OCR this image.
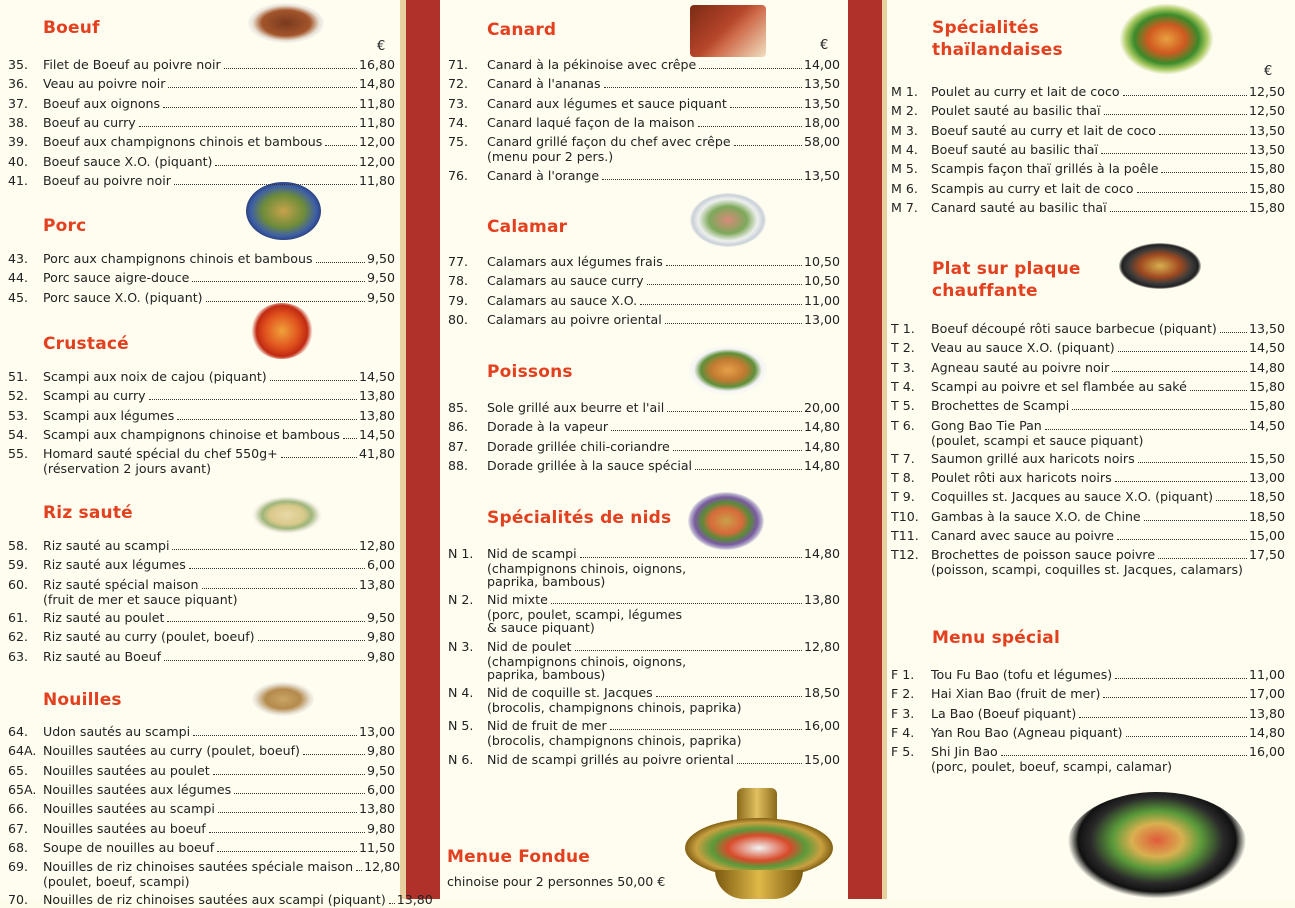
Boeuf
€
Porc
Crustacé
Riz sauté
Nouilles
35.	Filet de Boeuf au poivre noir	16,80
36.	Veau au poivre noir	14,80
37.	Boeuf aux oignons	11,80
38.	Boeuf au curry	11,80
39.	Boeuf aux champignons chinois et bambous	12,00
40.	Boeuf sauce X.O. (piquant)	12,00
41.	Boeuf au poivre noir	11,80
43.	Porc aux champignons chinois et bambous	9,50
44.	Porc sauce aigre-douce	9,50
45.	Porc sauce X.O. (piquant)	9,50
51.	Scampi aux noix de cajou (piquant)	14,50
52.	Scampi au curry	13,80
53.	Scampi aux légumes	13,80
54.	Scampi aux champignons chinoise et bambous 14,50
55.	Homard sauté spécial du chef 550g+	41,80
(réservation 2 jours avant)
58.	Riz sauté au scampi	12,80
59.	Riz sauté aux légumes	6,00
60.	Riz sauté spécial maison	13,80
(fruit de mer et sauce piquant)
61.	Riz sauté au poulet	9,50
62.	Riz sauté au curry (poulet, boeuf)	9,80
63.	Riz sauté au Boeuf	9,80
64.	Udon sautés au scampi	13,00
64A. Nouilles sautées au curry (poulet, boeuf)	9,80
65.	Nouilles sautées au poulet	9,50
65A. Nouilles sautées aux légumes	6,00
66.	Nouilles sautées au scampi	13,80
67.	Nouilles sautées au boeuf	9,80
68.	Soupe de nouilles au boeuf	11,50
69.	Nouilles de riz chinoises sautées spéciale maison 12,80
(poulet, boeuf, scampi)
70.	Nouilles de riz chinoises sautées aux scampi (piquant) 13,80
Canard
€
Calamar
Poissons
Spécialités de nids
Menue Fondue
chinoise pour 2 personnes 50,00 €
71.	Canard à la pékinoise avec crêpe	14,00
72.	Canard à l'ananas	13,50
73.	Canard aux légumes et sauce piquant	13,50
74.	Canard laqué façon de la maison	18,00
75.	Canard grillé façon du chef avec crêpe	58,00
(menu pour 2 pers.)
76.	Canard à l'orange	13,50
77.	Calamars aux légumes frais	10,50
78.	Calamars au sauce curry	10,50
79.	Calamars au sauce X.O.	11,00
80.	Calamars au poivre oriental	13,00
85.	Sole grillé aux beurre et l'ail	20,00
86.	Dorade à la vapeur	14,80
87.	Dorade grillée chili-coriandre	14,80
88.	Dorade grillée à la sauce spécial	14,80
N 1.	Nid de scampi	14,80
(champignons chinois, oignons,
paprika, bambous)
N 2.	Nid mixte	13,80
(porc, poulet, scampi, légumes
& sauce piquant)
N 3.	Nid de poulet	12,80
(champignons chinois, oignons,
paprika, bambous)
N 4.	Nid de coquille st. Jacques	18,50
(brocolis, champignons chinois, paprika)
N 5.	Nid de fruit de mer	16,00
(brocolis, champignons chinois, paprika)
N 6.	Nid de scampi grillés au poivre oriental	15,00
Spécialités
thaïlandaises
€
Plat sur plaque
chauffante
Menu spécial
M 1.	Poulet au curry et lait de coco	12,50
M 2.	Poulet sauté au basilic thaï	12,50
M 3.	Boeuf sauté au curry et lait de coco	13,50
M 4.	Boeuf sauté au basilic thaï	13,50
M 5.	Scampis façon thaï grillés à la poêle	15,80
M 6.	Scampis au curry et lait de coco	15,80
M 7.	Canard sauté au basilic thaï	15,80
T 1.	Boeuf découpé rôti sauce barbecue (piquant)	13,50
T 2.	Veau au sauce X.O. (piquant)	14,50
T 3.	Agneau sauté au poivre noir	14,80
T 4.	Scampi au poivre et sel flambée au saké	15,80
T 5.	Brochettes de Scampi	15,80
T 6.	Gong Bao Tie Pan	14,50
(poulet, scampi et sauce piquant)
T 7.	Saumon grillé aux haricots noirs	15,50
T 8.	Poulet rôti aux haricots noirs	13,00
T 9.	Coquilles st. Jacques au sauce X.O. (piquant)	18,50
T10. Gambas à la sauce X.O. de Chine	18,50
T11. Canard avec sauce au poivre	15,00
T12. Brochettes de poisson sauce poivre	17,50
(poisson, scampi, coquilles st. Jacques, calamars)
F 1.	Tou Fu Bao (tofu et légumes)	11,00
F 2.	Hai Xian Bao (fruit de mer)	17,00
F 3.	La Bao (Boeuf piquant)	13,80
F 4.	Yan Rou Bao (Agneau piquant)	14,80
F 5.	Shi Jin Bao	16,00
(porc, poulet, boeuf, scampi, calamar)
